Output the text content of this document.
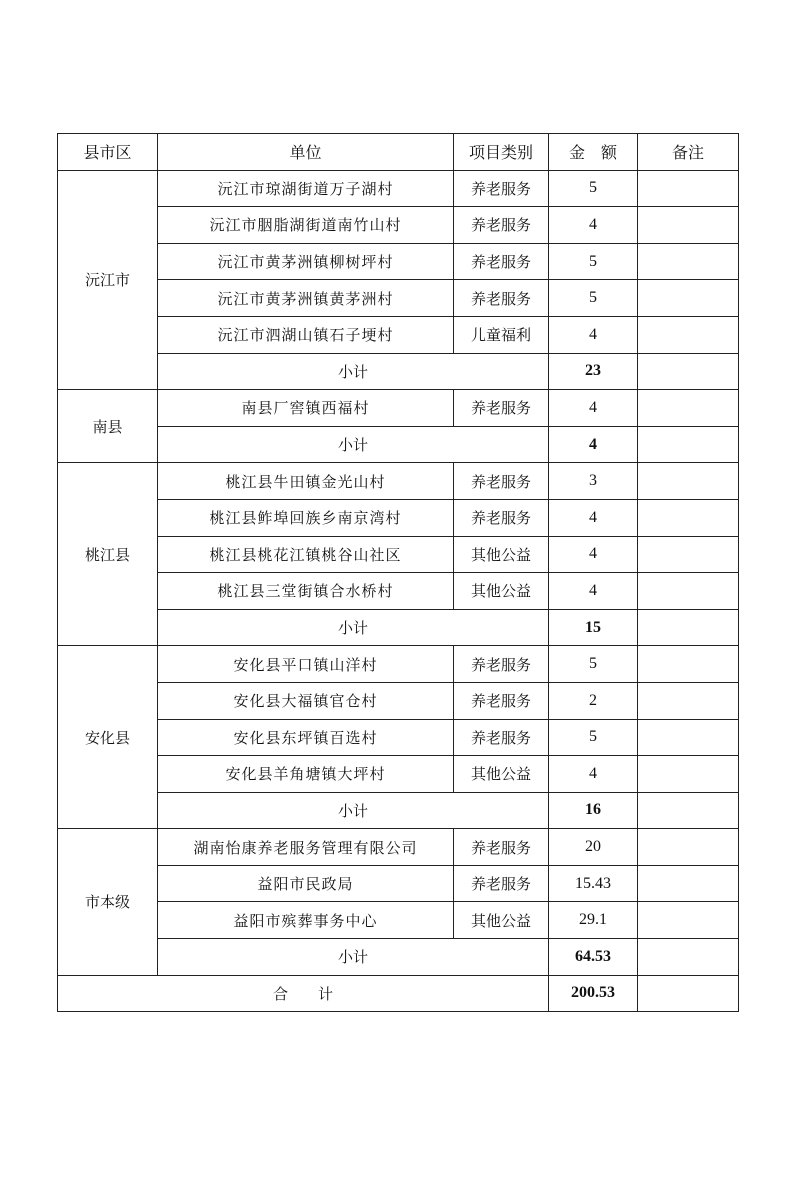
县市区	单位	项目类别	金　额	备注
沅江市	沅江市琼湖街道万子湖村	养老服务	5	
	沅江市胭脂湖街道南竹山村	养老服务	4	
	沅江市黄茅洲镇柳树坪村	养老服务	5	
	沅江市黄茅洲镇黄茅洲村	养老服务	5	
	沅江市泗湖山镇石子埂村	儿童福利	4	
	小计		23	
南县	南县厂窖镇西福村	养老服务	4	
	小计		4	
桃江县	桃江县牛田镇金光山村	养老服务	3	
	桃江县鲊埠回族乡南京湾村	养老服务	4	
	桃江县桃花江镇桃谷山社区	其他公益	4	
	桃江县三堂街镇合水桥村	其他公益	4	
	小计		15	
安化县	安化县平口镇山洋村	养老服务	5	
	安化县大福镇官仓村	养老服务	2	
	安化县东坪镇百选村	养老服务	5	
	安化县羊角塘镇大坪村	其他公益	4	
	小计		16	
市本级	湖南怡康养老服务管理有限公司	养老服务	20	
	益阳市民政局	养老服务	15.43	
	益阳市殡葬事务中心	其他公益	29.1	
	小计		64.53	
合　　计			200.53	
